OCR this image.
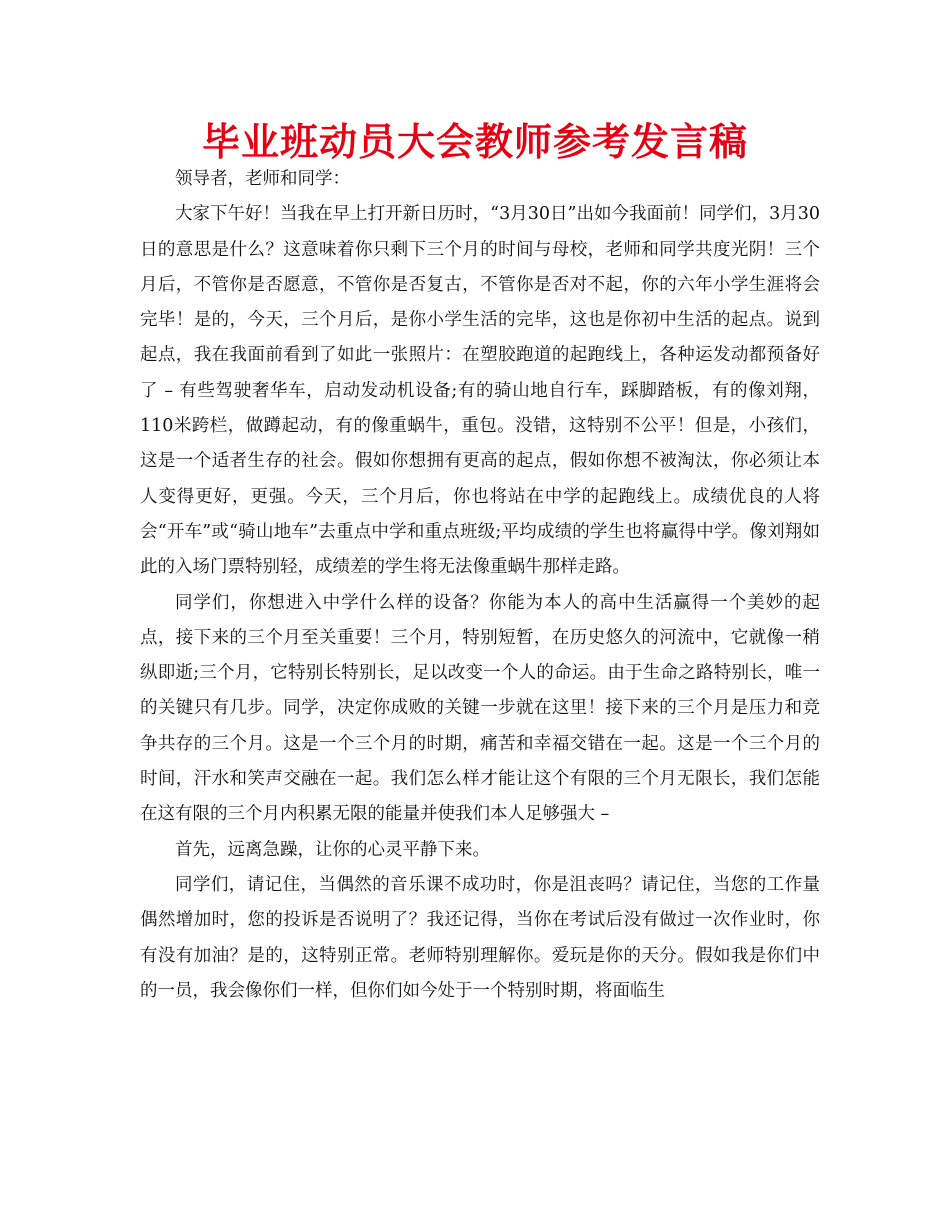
毕业班动员大会教师参考发言稿

领导者，老师和同学：

大家下午好！当我在早上打开新日历时，“3月30日”出如今我面前！同学们，3月30日的意思是什么？这意味着你只剩下三个月的时间与母校，老师和同学共度光阴！三个月后，不管你是否愿意，不管你是否复古，不管你是否对不起，你的六年小学生涯将会完毕！是的，今天，三个月后，是你小学生活的完毕，这也是你初中生活的起点。说到起点，我在我面前看到了如此一张照片：在塑胶跑道的起跑线上，各种运发动都预备好了 – 有些驾驶奢华车，启动发动机设备;有的骑山地自行车，踩脚踏板，有的像刘翔，110米跨栏，做蹲起动，有的像重蜗牛，重包。没错，这特别不公平！但是，小孩们，这是一个适者生存的社会。假如你想拥有更高的起点，假如你想不被淘汰，你必须让本人变得更好，更强。今天，三个月后，你也将站在中学的起跑线上。成绩优良的人将会“开车”或“骑山地车”去重点中学和重点班级;平均成绩的学生也将赢得中学。像刘翔如此的入场门票特别轻，成绩差的学生将无法像重蜗牛那样走路。

同学们，你想进入中学什么样的设备？你能为本人的高中生活赢得一个美妙的起点，接下来的三个月至关重要！三个月，特别短暂，在历史悠久的河流中，它就像一稍纵即逝;三个月，它特别长特别长，足以改变一个人的命运。由于生命之路特别长，唯一的关键只有几步。同学，决定你成败的关键一步就在这里！接下来的三个月是压力和竞争共存的三个月。这是一个三个月的时期，痛苦和幸福交错在一起。这是一个三个月的时间，汗水和笑声交融在一起。我们怎么样才能让这个有限的三个月无限长，我们怎能在这有限的三个月内积累无限的能量并使我们本人足够强大 –

首先，远离急躁，让你的心灵平静下来。

同学们，请记住，当偶然的音乐课不成功时，你是沮丧吗？请记住，当您的工作量偶然增加时，您的投诉是否说明了？我还记得，当你在考试后没有做过一次作业时，你有没有加油？是的，这特别正常。老师特别理解你。爱玩是你的天分。假如我是你们中的一员，我会像你们一样，但你们如今处于一个特别时期，将面临生
